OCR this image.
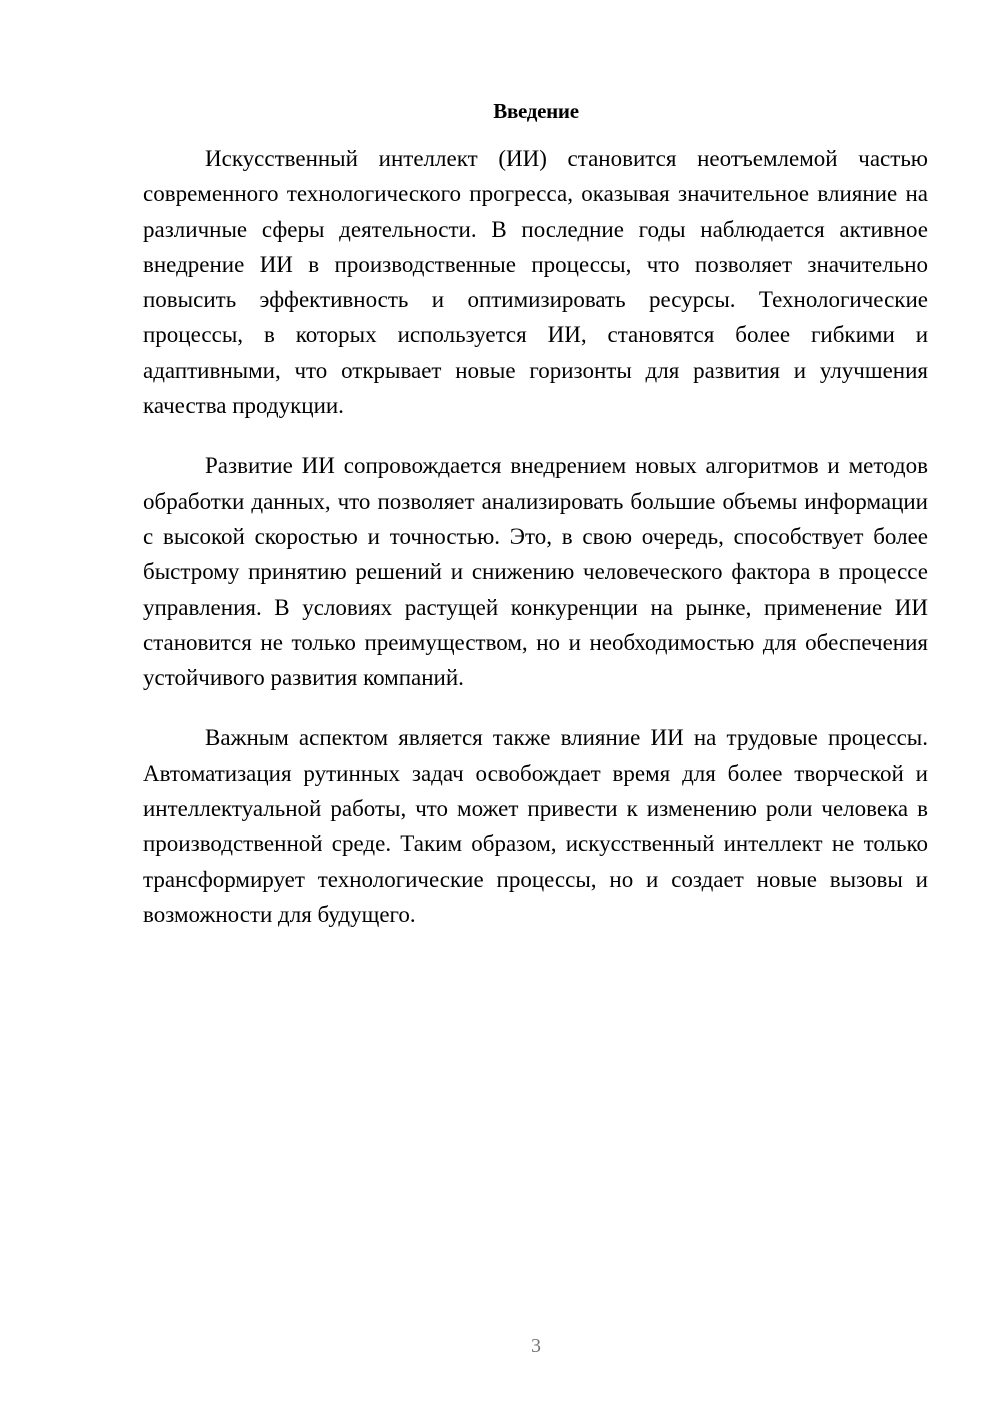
Введение

Искусственный интеллект (ИИ) становится неотъемлемой частью современного технологического прогресса, оказывая значительное влияние на различные сферы деятельности. В последние годы наблюдается активное внедрение ИИ в производственные процессы, что позволяет значительно повысить эффективность и оптимизировать ресурсы. Технологические процессы, в которых используется ИИ, становятся более гибкими и адаптивными, что открывает новые горизонты для развития и улучшения качества продукции.

Развитие ИИ сопровождается внедрением новых алгоритмов и методов обработки данных, что позволяет анализировать большие объемы информации с высокой скоростью и точностью. Это, в свою очередь, способствует более быстрому принятию решений и снижению человеческого фактора в процессе управления. В условиях растущей конкуренции на рынке, применение ИИ становится не только преимуществом, но и необходимостью для обеспечения устойчивого развития компаний.

Важным аспектом является также влияние ИИ на трудовые процессы. Автоматизация рутинных задач освобождает время для более творческой и интеллектуальной работы, что может привести к изменению роли человека в производственной среде. Таким образом, искусственный интеллект не только трансформирует технологические процессы, но и создает новые вызовы и возможности для будущего.

3
